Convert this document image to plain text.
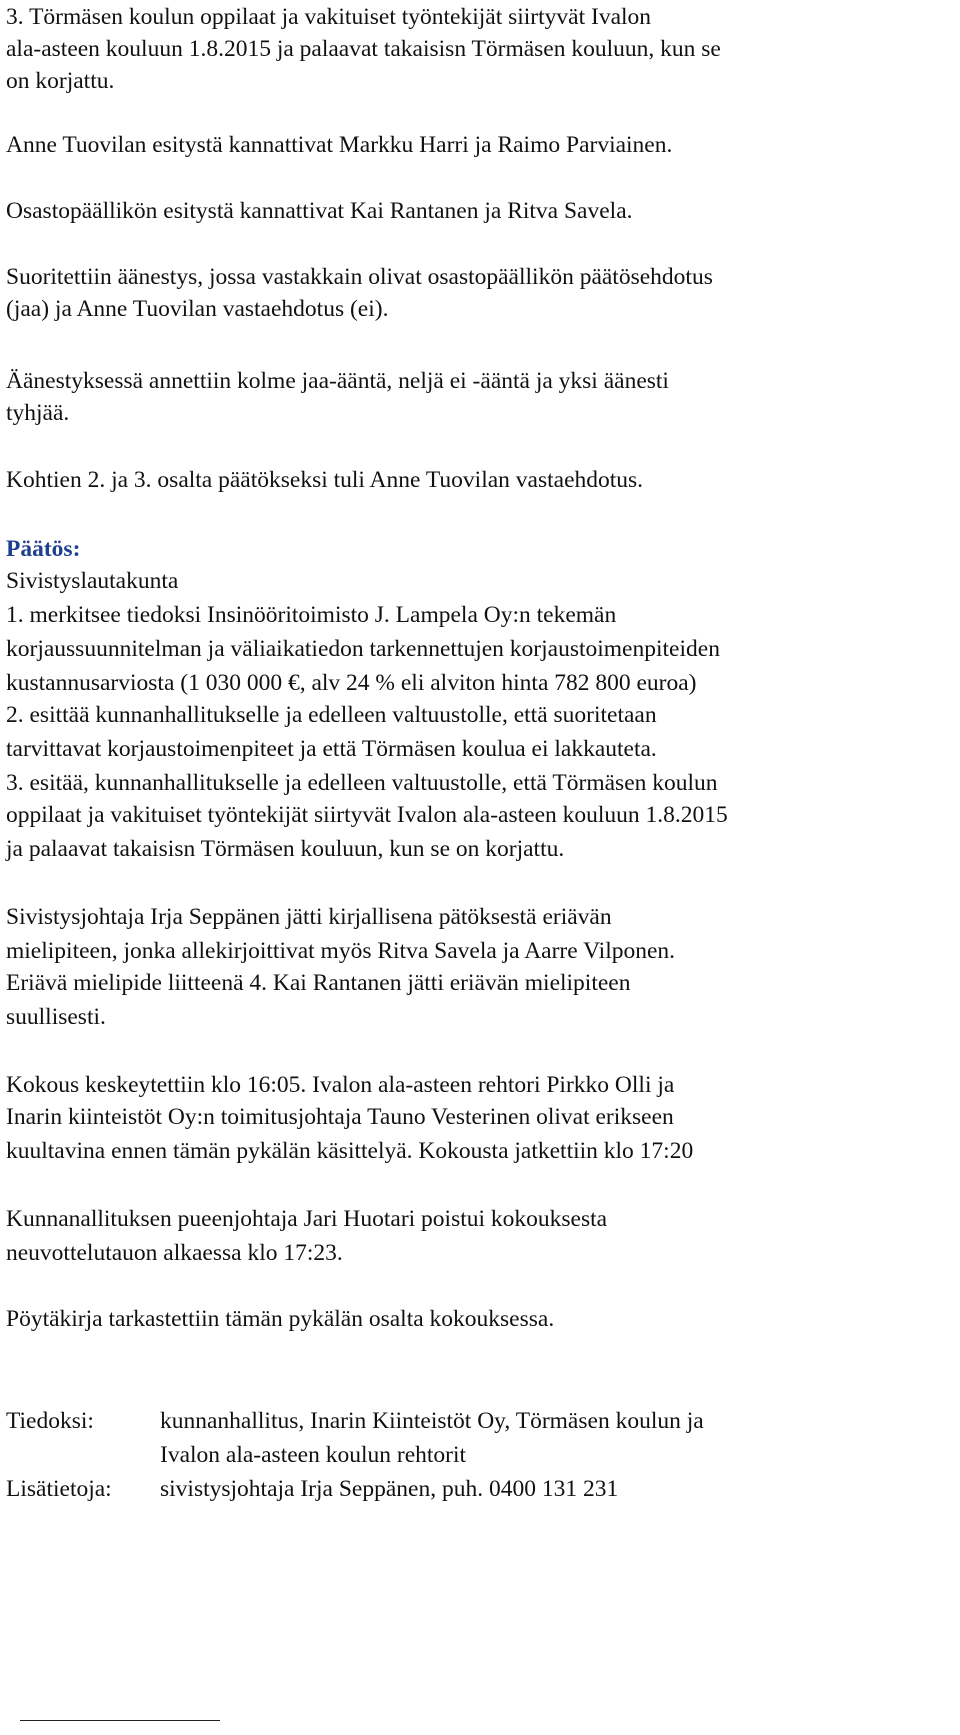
3. Törmäsen koulun oppilaat ja vakituiset työntekijät siirtyvät Ivalon
ala-asteen kouluun 1.8.2015 ja palaavat takaisisn Törmäsen kouluun, kun se
on korjattu.
Anne Tuovilan esitystä kannattivat Markku Harri ja Raimo Parviainen.
Osastopäällikön esitystä kannattivat Kai Rantanen ja Ritva Savela.
Suoritettiin äänestys, jossa vastakkain olivat osastopäällikön päätösehdotus
(jaa) ja Anne Tuovilan vastaehdotus (ei).
Äänestyksessä annettiin kolme jaa-ääntä, neljä ei -ääntä ja yksi äänesti
tyhjää.
Kohtien 2. ja 3. osalta päätökseksi tuli Anne Tuovilan vastaehdotus.
Päätös:
Sivistyslautakunta
1. merkitsee tiedoksi Insinööritoimisto J. Lampela Oy:n tekemän
korjaussuunnitelman ja väliaikatiedon tarkennettujen korjaustoimenpiteiden
kustannusarviosta (1 030 000 €, alv 24 % eli alviton hinta 782 800 euroa)
2. esittää kunnanhallitukselle ja edelleen valtuustolle, että suoritetaan
tarvittavat korjaustoimenpiteet ja että Törmäsen koulua ei lakkauteta.
3. esitää, kunnanhallitukselle ja edelleen valtuustolle, että Törmäsen koulun
oppilaat ja vakituiset työntekijät siirtyvät Ivalon ala-asteen kouluun 1.8.2015
ja palaavat takaisisn Törmäsen kouluun, kun se on korjattu.
Sivistysjohtaja Irja Seppänen jätti kirjallisena pätöksestä eriävän
mielipiteen, jonka allekirjoittivat myös Ritva Savela ja Aarre Vilponen.
Eriävä mielipide liitteenä 4. Kai Rantanen jätti eriävän mielipiteen
suullisesti.
Kokous keskeytettiin klo 16:05. Ivalon ala-asteen rehtori Pirkko Olli ja
Inarin kiinteistöt Oy:n toimitusjohtaja Tauno Vesterinen olivat erikseen
kuultavina ennen tämän pykälän käsittelyä. Kokousta jatkettiin klo 17:20
Kunnanallituksen pueenjohtaja Jari Huotari poistui kokouksesta
neuvottelutauon alkaessa klo 17:23.
Pöytäkirja tarkastettiin tämän pykälän osalta kokouksessa.
Tiedoksi:	kunnanhallitus, Inarin Kiinteistöt Oy, Törmäsen koulun ja
Ivalon ala-asteen koulun rehtorit
Lisätietoja: sivistysjohtaja Irja Seppänen, puh. 0400 131 231
